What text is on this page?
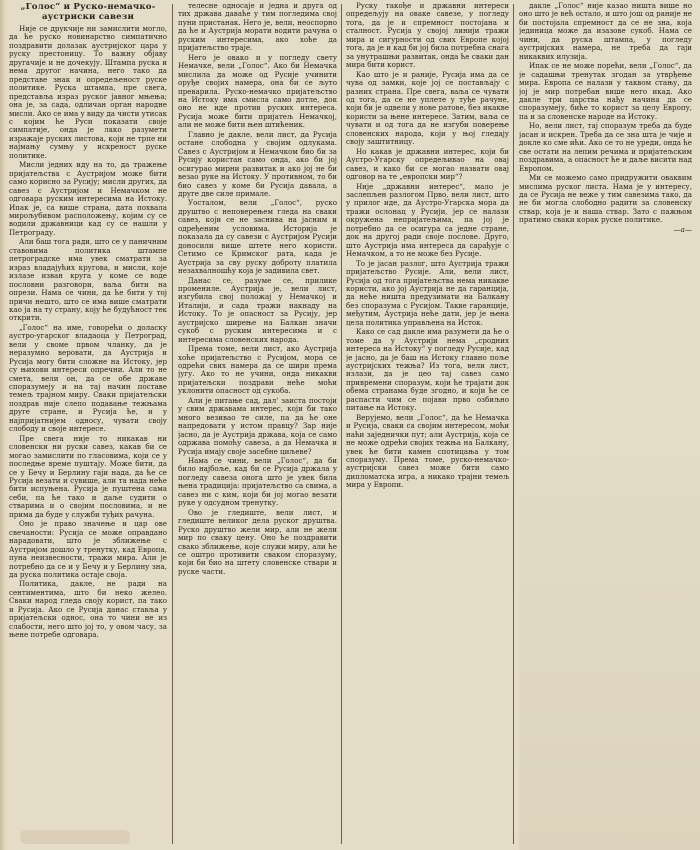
„Голос“ и Руско-немачко-аустриски савези

Није се друкчије ни замислити могло, да ће руско новинарство симпатично поздравити долазак аустријског цара у руску престоницу. То важну објаву другачије и не дочекују. Штампа руска и нема другог начина, него тако да представе знак и опредељеност руске политике. Руска штампа, пре свега, представља израз руског јавног мњења; она је, за сада, одличан орган народне мисли. Ако се има у виду да чисти утисак с којим ће Руси показати своје симпатије, онда је лако разумети изражаје руских листова, који не трпе ни најмању сумњу у искреност руске политике.

Мисли једних иду на то, да тражење пријатељства с Аустријом може бити само корисно за Русију; мисли других, да савез с Аустријом и Немачком не одговара руским интересима на Истоку. Ипак је, са више страна, дата похвала мирољубивом расположењу, којим су се водили државници кад су се нашли у Петрограду.

Али баш тога ради, што се у паничним ставовима политика штампе петроградске има увек сматрати за израз владајућих кругова, и мисли, које излазе изван круга у коме се воде пословни разговори, ваља бити на опрези. Нама се чини, да ће бити у тој причи нешто, што се има више сматрати као ја на ту страну, коју ће будућност тек открити.

„Голос“ на име, говорећи о доласку аустро-угарског владаоца у Петроград, вели у своме првом чланку, да је неразумно веровати, да Аустрија и Русија могу бити сложне на Истоку, јер су њихови интереси опречни. Али то не смета, вели он, да се обе државе споразумеју и на тај начин поставе темељ трајном миру. Сваки пријатељски поздрав није слепо подавање тежњама друге стране, и Русија ће, и у најпријатнијем односу, чувати своју слободу и своје интересе.

Пре свега није то никакав ни словенски ни руски савез, какав би се могао замислити по гласовима, који се у последње време пуштају. Може бити, да се у Бечу и Берлину гаји нада, да ће се Русија везати и сувише, али та нада неће бити испуњена. Русија је пуштена сама себи, па ће тако и даље судити о стварима и о својим пословима, и не прима да буде у служби туђих рачуна.

Оно је право значење и цар ове свечаности: Русија се може оправдано нарадовати, што је зближење с Аустријом дошло у тренутку, кад Европа, пуна неизвесности, тражи мира. Али је потребно да се и у Бечу и у Берлину зна, да руска политика остаје своја.

Политика, дакле, не ради на сентиментима, што би неко желео. Сваки народ гледа своју корист, па тако и Русија. Ако се Русија данас ставља у пријатељски однос, она то чини не из слабости, него што јој то, у овом часу, за њене потребе одговара.

телесне односаје и једна и друга од тих држава даваће у тим погледима свој пуни пристанак. Него је, вели, неоспорно да ће и Аустрија морати водити рачуна о руским интересима, ако хоће да пријатељство траје.

Него је овако и у погледу свету Немачке, вели „Голос“. Ако би Немачка мислила да може од Русије учинити оруђе својих намера, она би се љуто преварила. Руско-немачко пријатељство на Истоку има смисла само дотле, док оно не иде против руских интереса. Русија може бити пријатељ Немачкој, али не може бити њен штићеник.

Главно је дакле, вели лист, да Русија остане слободна у својим одлукама. Савез с Аустријом и Немачком био би за Русију користан само онда, ако би јој осигурао мирни развитак и ако јој не би везао руке на Истоку. У противном, то би био савез у коме би Русија давала, а друге две силе примале.

Уосталом, вели „Голос“, руско друштво с неповерењем гледа на сваки савез, који се не заснива на јасним и одређеним условима. Историја је показала да су савези с Аустријом Русији доносили више штете него користи. Сетимо се Кримског рата, када је Аустрија за сву руску доброту платила незахвалношћу која је задивила свет.

Данас се, разуме се, прилике промениле. Аустрија је, вели лист, изгубила свој положај у Немачкој и Италији, и сада тражи накнаду на Истоку. То је опасност за Русију, јер аустријско ширење на Балкан значи сукоб с руским интересима и с интересима словенских народа.

Према томе, вели лист, ако Аустрија хоће пријатељство с Русијом, мора се одрећи свих намера да се шири према југу. Ако то не учини, онда никакви пријатељски поздрави неће моћи уклонити опасност од сукоба.

Али је питање сад, дал' заиста постоји у свим државама интерес, који би тако много везивао те силе, па да ће оне напредовати у истом правцу? Зар није јасно, да је Аустрија држава, која се само одржава помоћу савеза, а да Немачка и Русија имају своје засебне циљеве?

Нама се чини, вели „Голос“, да би било најбоље, кад би се Русија држала у погледу савеза онога што је увек била њена традиција: пријатељство са свима, а савез ни с ким, који би јој могао везати руке у одсудном тренутку.

Ово је гледиште, вели лист, и гледиште великог дела руског друштва. Руско друштво жели мир, али не жели мир по сваку цену. Оно ће поздравити свако зближење, које служи миру, али ће се оштро противити сваком споразуму, који би био на штету словенске ствари и руске части.

Руску такође и државни интереси опредељују на оваке савезе, у погледу тога, да је и спремност постојана и сталност. Русија у својој линији тражи мира и сигурности од свих Европе којој тога, да је и кад би јој била потребна снага за унутрашњи развитак, онда ће сваки дан мира бити корист.

Као што је и раније, Русија има да се чува од замки, које јој се постављају с разних страна. Пре свега, ваља се чувати од тога, да се не уплете у туђе рачуне, који би је одвели у нове ратове, без икакве користи за њене интересе. Затим, ваља се чувати и од тога да не изгуби поверење словенских народа, који у њој гледају своју заштитницу.

Но какав је државни интерес, који би Аустро-Угарску опредељивао на овај савез, и како би се могао назвати овај одговор на те „европски мир“?

Није „државни интерес“, мало је заслепљен разлогом Прво, вели лист, што у прилог иде, да Аустро-Угарска мора да тражи ослонац у Русији, јер се налази окружена непријатељима, па јој је потребно да се осигура са једне стране, док на другој ради своје послове. Друго, што Аустрија има интереса да сарађује с Немачком, а то не може без Русије.

То је јасан разлог, што Аустрија тражи пријатељство Русије. Али, вели лист, Русија од тога пријатељства нема никакве користи, ако јој Аустрија не да гаранција, да неће ништа предузимати на Балкану без споразума с Русијом. Такве гаранције, међутим, Аустрија неће дати, јер је њена цела политика управљена на Исток.

Како се сад дакле има разумети да ће о томе да у Аустрији нема „сродних интереса на Истоку“ у погледу Русије, кад је јасно, да је баш на Истоку главно поље аустријских тежња? Из тога, вели лист, излази, да је цео тај савез само привремени споразум, који ће трајати док обема странама буде згодно, и који ће се распасти чим се појави прво озбиљно питање на Истоку.

Верујемо, вели „Голос“, да ће Немачка и Русија, сваки са својим интересом, моћи наћи заједнички пут; али Аустрија, која се не може одрећи својих тежња на Балкану, увек ће бити камен спотицања у том споразуму. Према томе, руско-немачко-аустријски савез може бити само дипломатска игра, а никако трајни темељ мира у Европи.

дакле „Голос“ није казао ништа више но оно што је већ остало, и што још од раније не би постојала спремност да се не зна, која јединица може да изазове сукоб. Нама се чини, да руска штампа, у погледу аустријских намера, не треба да гаји никаквих илузија.

Ипак се не може порећи, вели „Голос“, да је садашњи тренутак згодан за утврђење мира. Европа се налази у таквом стању, да јој је мир потребан више него икад. Ако дакле три царства нађу начина да се споразумеју, биће то корист за целу Европу, па и за словенске народе на Истоку.

Но, вели лист, тај споразум треба да буде јасан и искрен. Треба да се зна шта је чије и докле ко сме ићи. Ако се то не уреди, онда ће све остати на лепим речима и пријатељским поздравима, а опасност ће и даље висити над Европом.

Ми се можемо само придружити оваквим мислима руског листа. Нама је у интересу, да се Русија не веже у тим савезима тако, да не би могла слободно радити за словенску ствар, која је и наша ствар. Зато с пажњом пратимо сваки корак руске политике.

—а—
